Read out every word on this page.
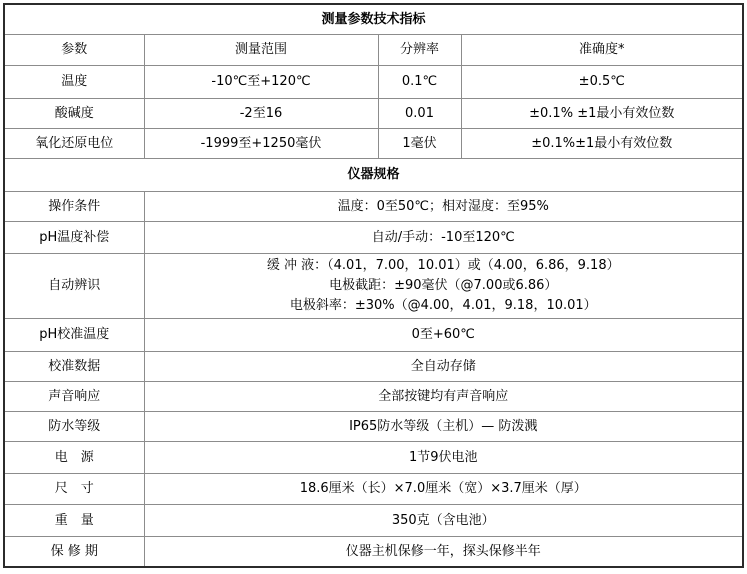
测量参数技术指标			
参数	测量范围	分辨率	准确度*
温度	-10℃至+120℃	0.1℃	±0.5℃
酸碱度	-2至16	0.01	±0.1% ±1最小有效位数
氧化还原电位	-1999至+1250毫伏	1毫伏	±0.1%±1最小有效位数
仪器规格			
操作条件	温度：0至50℃；相对湿度：至95%		
pH温度补偿	自动/手动：-10至120℃		
自动辨识	缓 冲 液：（4.01，7.00，10.01）或（4.00，6.86，9.18）
电极截距：±90毫伏（@7.00或6.86）
电极斜率：±30%（@4.00，4.01，9.18，10.01）		

pH校准温度	0至+60℃		
校准数据	全自动存储		
声音响应	全部按键均有声音响应		
防水等级	IP65防水等级（主机）— 防泼溅		
电　源	1节9伏电池		
尺　寸	18.6厘米（长）×7.0厘米（宽）×3.7厘米（厚）		
重　量	350克（含电池）		
保 修 期	仪器主机保修一年，探头保修半年		
